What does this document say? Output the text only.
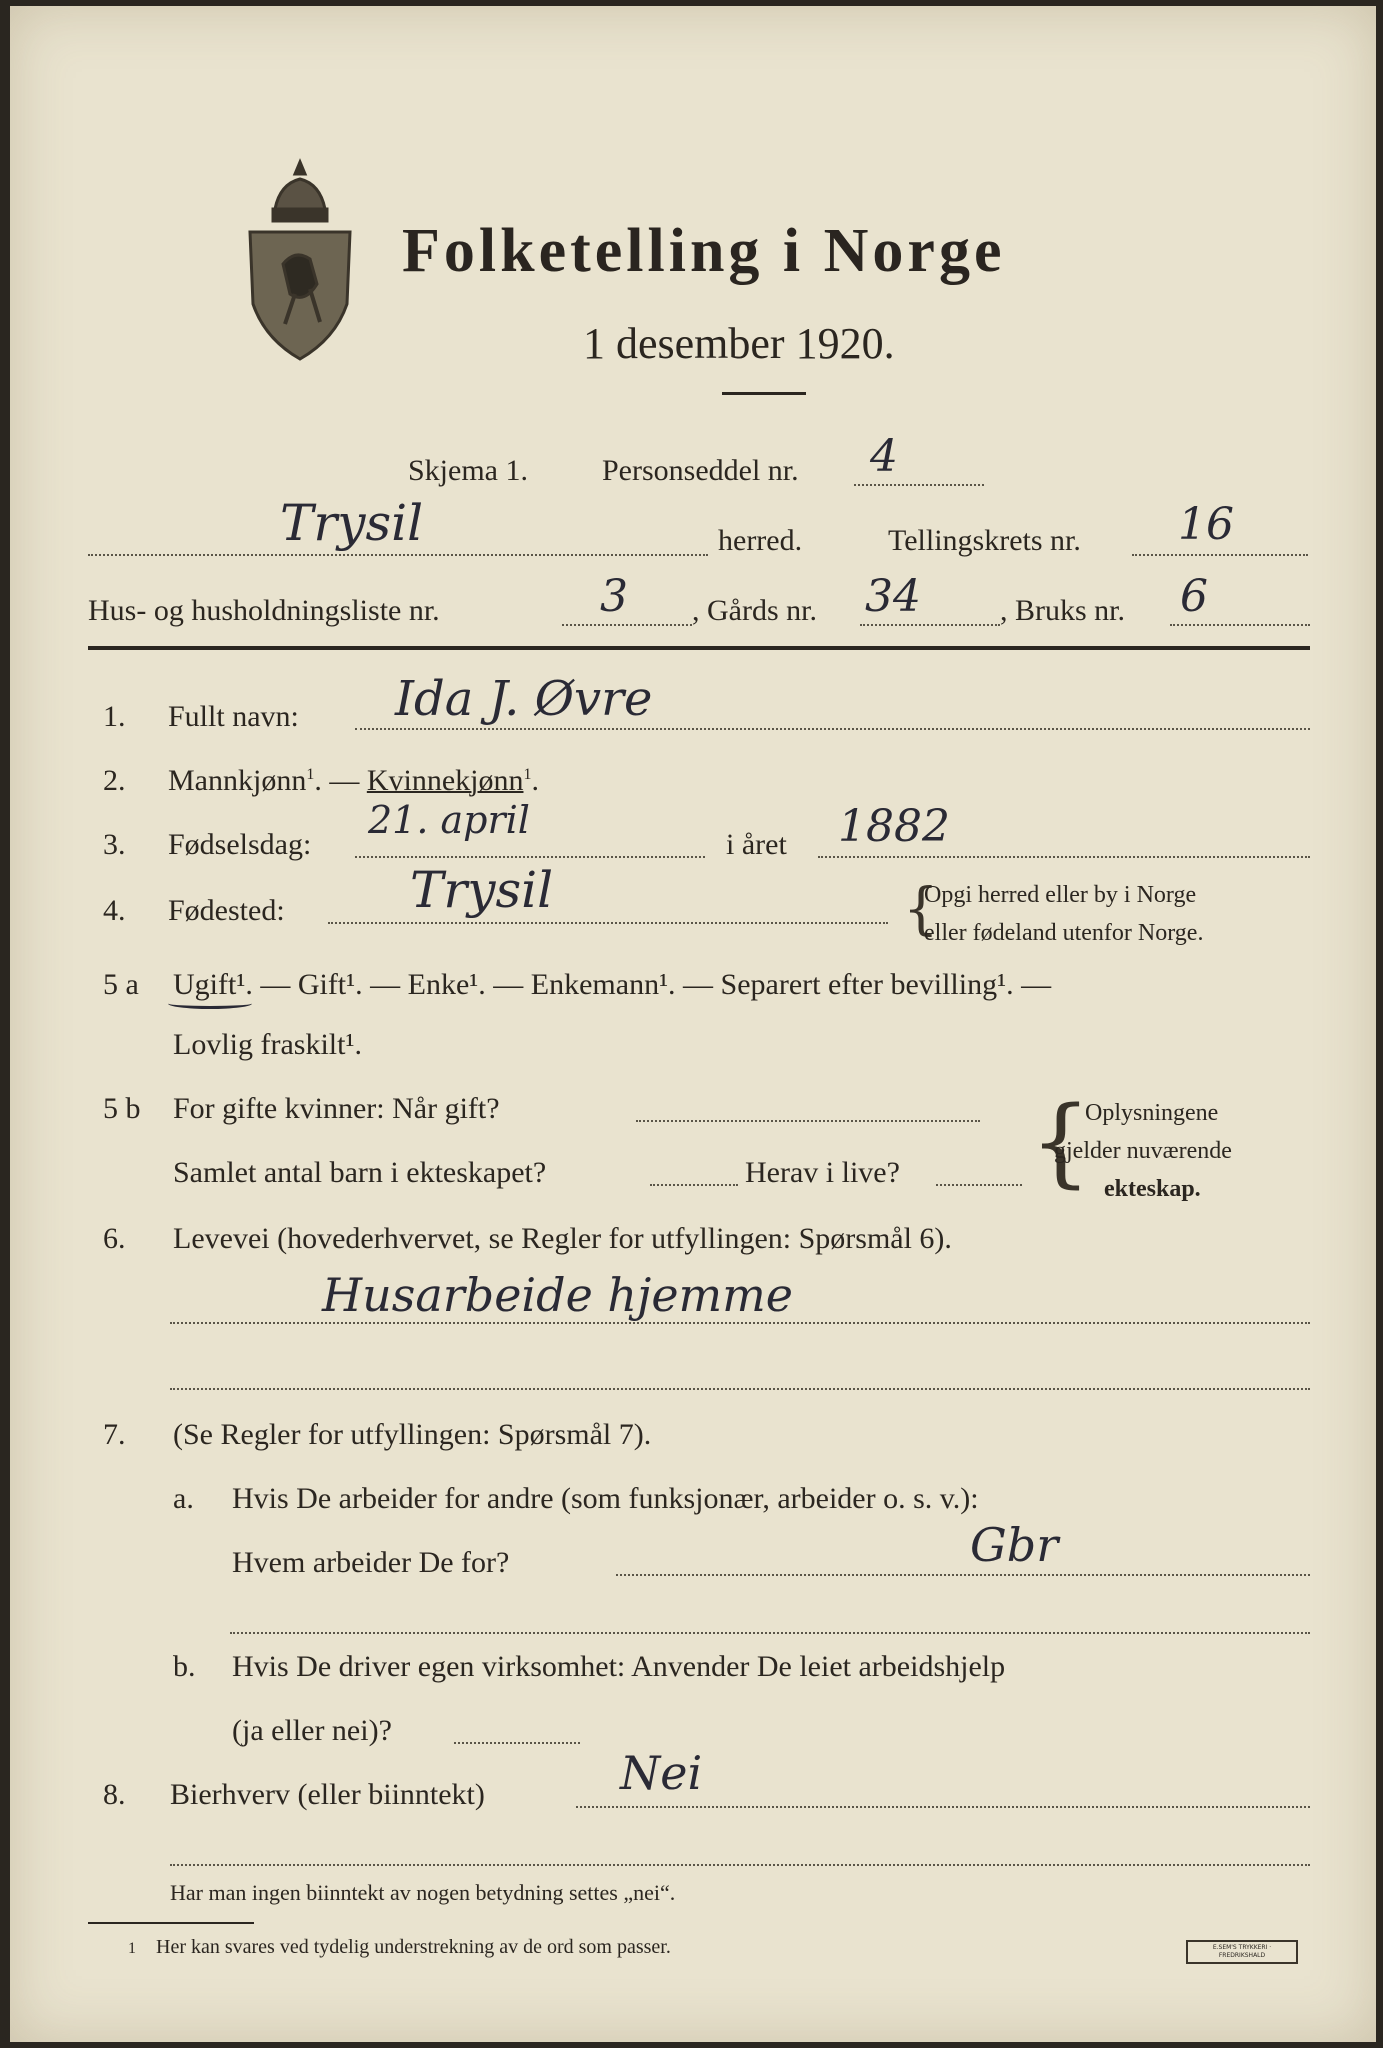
Folketelling i Norge
1 desember 1920.
Skjema 1. Personseddel nr. 4
Trysil	herred.	Tellingskrets nr. 16
Hus- og husholdningsliste nr.	3 , Gårds nr. 34	, Bruks nr. 6
1. Fullt navn: Ida J. Øvre
2. Mannkjønn$^1$. — Kvinnekjønn$^1$.
3. Fødselsdag:
21. april
i året 1882
4. Fødested:	Trysil	{
Opgi herred eller by i Norge
eller fødeland utenfor Norge.
5 a Ugift¹. — Gift¹. — Enke¹. — Enkemann¹. — Separert efter bevilling¹. —
Lovlig fraskilt¹.
5 b For gifte kvinner: Når gift?
Samlet antal barn i ekteskapet?	Herav i live? {
Oplysningene
gjelder nuværende
ekteskap.
6. Levevei (hovederhvervet, se Regler for utfyllingen: Spørsmål 6).
Husarbeide hjemme
7. (Se Regler for utfyllingen: Spørsmål 7).
a. Hvis De arbeider for andre (som funksjonær, arbeider o. s. v.):
Hvem arbeider De for?	Gbr
b. Hvis De driver egen virksomhet: Anvender De leiet arbeidshjelp
(ja eller nei)?
8. Bierhverv (eller biinntekt)	Nei
Har man ingen biinntekt av nogen betydning settes „nei“.
1 Her kan svares ved tydelig understrekning av de ord som passer.	E.SEM'S TRYKKERI · FREDRIKSHALD
